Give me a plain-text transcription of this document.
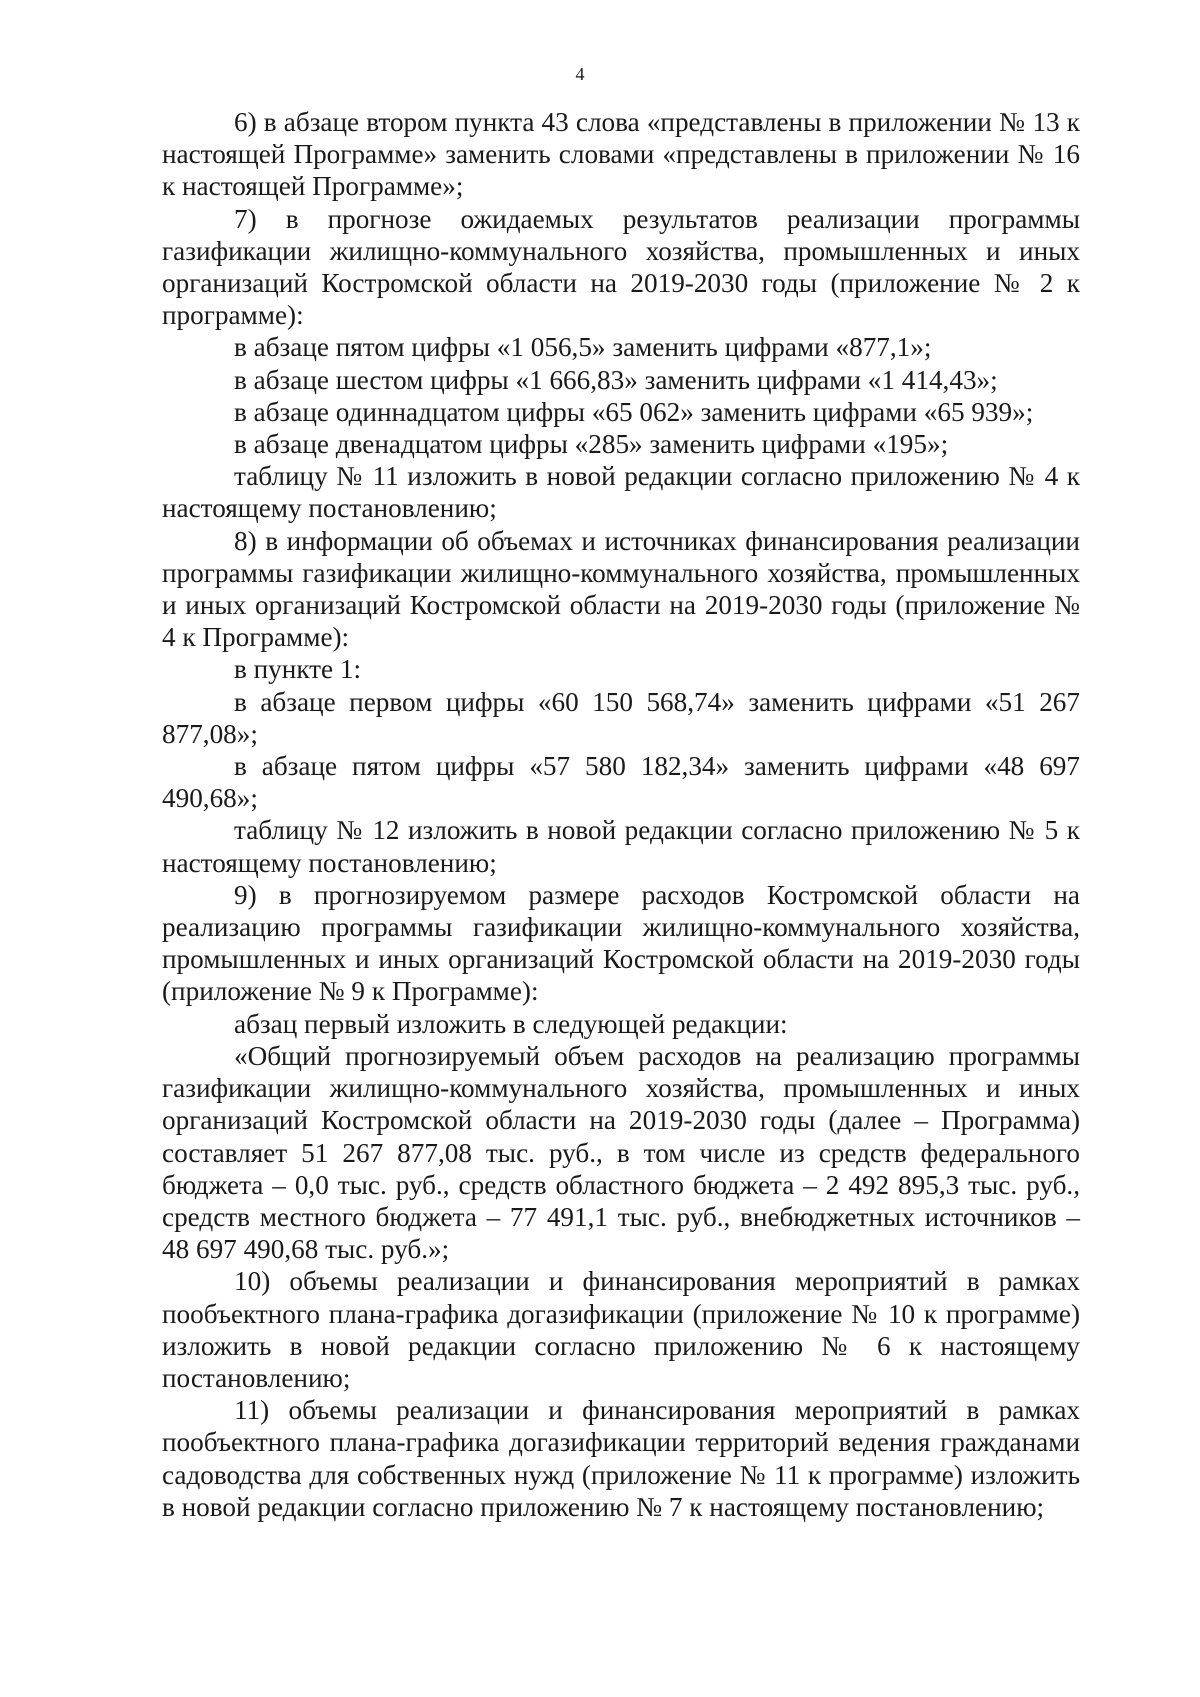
4

6) в абзаце втором пункта 43 слова «представлены в приложении № 13 к настоящей Программе» заменить словами «представлены в приложении № 16 к настоящей Программе»;

7) в прогнозе ожидаемых результатов реализации программы газификации жилищно-коммунального хозяйства, промышленных и иных организаций Костромской области на 2019-2030 годы (приложение № 2 к программе):

в абзаце пятом цифры «1 056,5» заменить цифрами «877,1»;

в абзаце шестом цифры «1 666,83» заменить цифрами «1 414,43»;

в абзаце одиннадцатом цифры «65 062» заменить цифрами «65 939»;

в абзаце двенадцатом цифры «285» заменить цифрами «195»;

таблицу № 11 изложить в новой редакции согласно приложению № 4 к настоящему постановлению;

8) в информации об объемах и источниках финансирования реализации программы газификации жилищно-коммунального хозяйства, промышленных и иных организаций Костромской области на 2019-2030 годы (приложение № 4 к Программе):

в пункте 1:

в абзаце первом цифры «60 150 568,74» заменить цифрами «51 267 877,08»;

в абзаце пятом цифры «57 580 182,34» заменить цифрами «48 697 490,68»;

таблицу № 12 изложить в новой редакции согласно приложению № 5 к настоящему постановлению;

9) в прогнозируемом размере расходов Костромской области на реализацию программы газификации жилищно-коммунального хозяйства, промышленных и иных организаций Костромской области на 2019-2030 годы (приложение № 9 к Программе):

абзац первый изложить в следующей редакции:

«Общий прогнозируемый объем расходов на реализацию программы газификации жилищно-коммунального хозяйства, промышленных и иных организаций Костромской области на 2019-2030 годы (далее – Программа) составляет 51 267 877,08 тыс. руб., в том числе из средств федерального бюджета – 0,0 тыс. руб., средств областного бюджета – 2 492 895,3 тыс. руб., средств местного бюджета – 77 491,1 тыс. руб., внебюджетных источников – 48 697 490,68 тыс. руб.»;

10) объемы реализации и финансирования мероприятий в рамках пообъектного плана-графика догазификации (приложение № 10 к программе) изложить в новой редакции согласно приложению № 6 к настоящему постановлению;

11) объемы реализации и финансирования мероприятий в рамках пообъектного плана-графика догазификации территорий ведения гражданами садоводства для собственных нужд (приложение № 11 к программе) изложить в новой редакции согласно приложению № 7 к настоящему постановлению;
